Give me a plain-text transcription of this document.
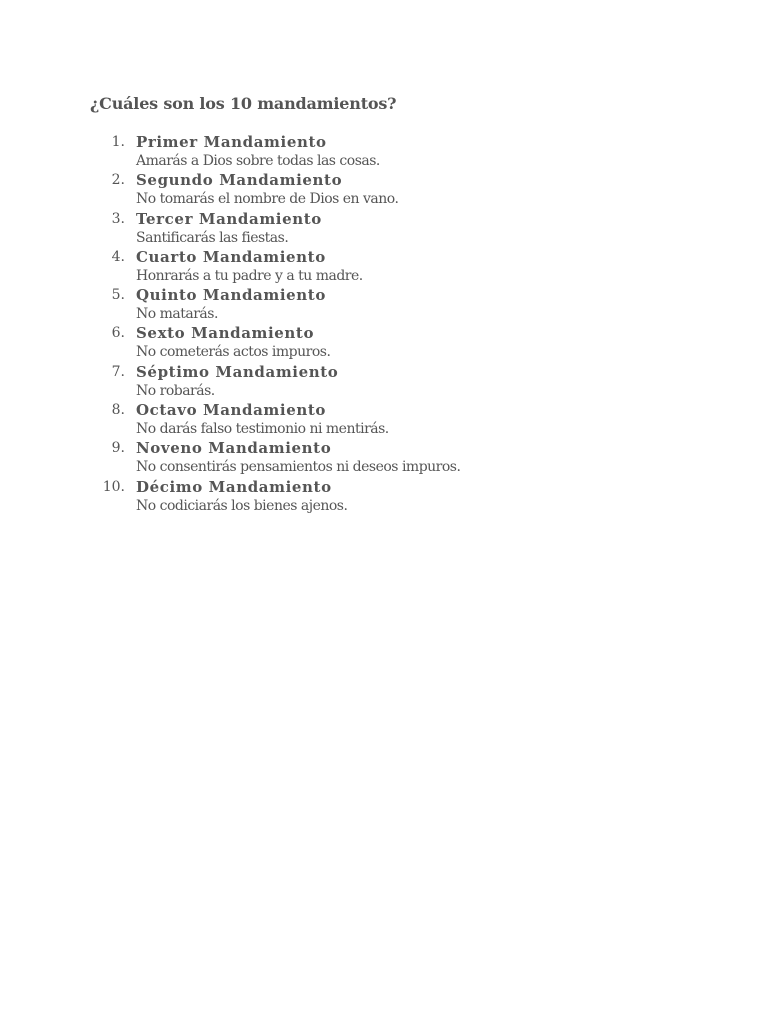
¿Cuáles son los 10 mandamientos?
1. Primer Mandamiento
Amarás a Dios sobre todas las cosas.
2. Segundo Mandamiento
No tomarás el nombre de Dios en vano.
3. Tercer Mandamiento
Santificarás las fiestas.
4. Cuarto Mandamiento
Honrarás a tu padre y a tu madre.
5. Quinto Mandamiento
No matarás.
6. Sexto Mandamiento
No cometerás actos impuros.
7. Séptimo Mandamiento
No robarás.
8. Octavo Mandamiento
No darás falso testimonio ni mentirás.
9. Noveno Mandamiento
No consentirás pensamientos ni deseos impuros.
10. Décimo Mandamiento
No codiciarás los bienes ajenos.
